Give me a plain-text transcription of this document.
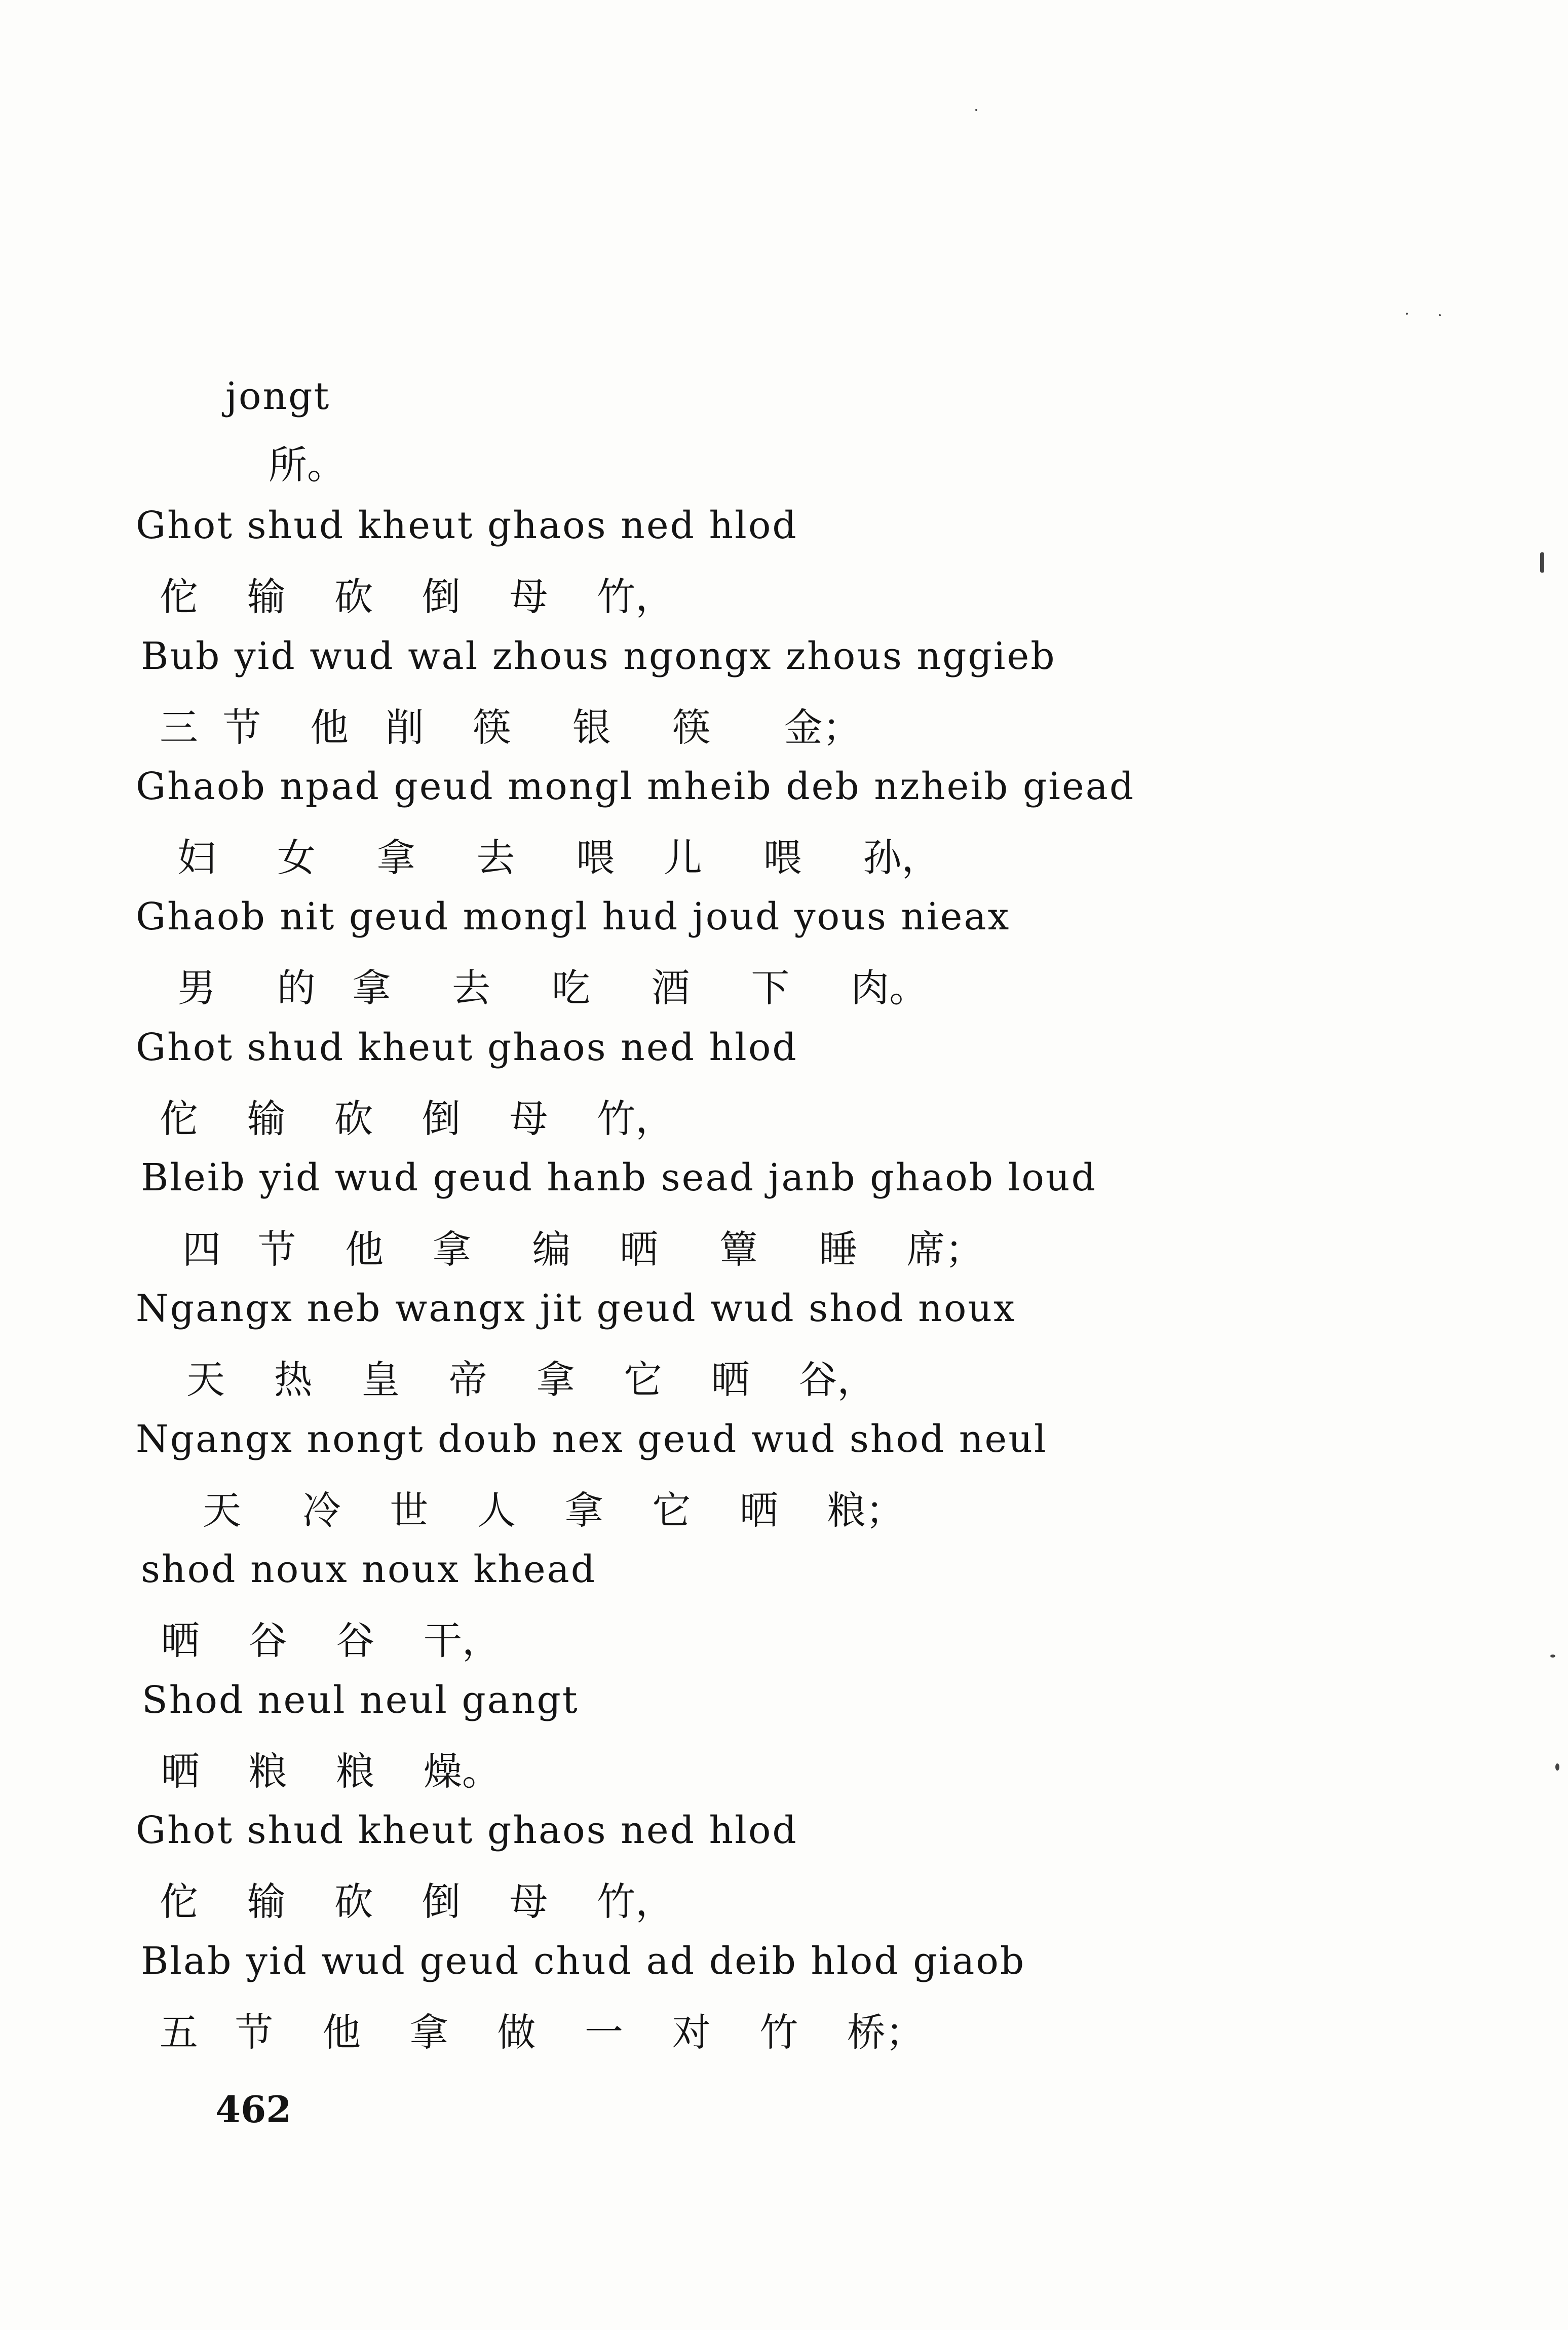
jongt
所。
Ghot shud kheut ghaos ned hlod
佗    输    砍    倒    母    竹，
Bub yid wud wal zhous ngongx zhous nggieb
三  节    他   削    筷     银     筷      金；
Ghaob npad geud mongl mheib deb nzheib giead
妇     女     拿     去     喂    儿     喂     孙，
Ghaob nit geud mongl hud joud yous nieax
男     的   拿     去     吃     酒     下     肉。
Ghot shud kheut ghaos ned hlod
佗    输    砍    倒    母    竹，
Bleib yid wud geud hanb sead janb ghaob loud
四   节    他    拿     编    晒     簟     睡    席；
Ngangx neb wangx jit geud wud shod noux
天    热    皇    帝    拿    它    晒    谷，
Ngangx nongt doub nex geud wud shod neul
天     冷    世    人    拿    它    晒    粮；
shod noux noux khead
晒    谷    谷    干，
Shod neul neul gangt
晒    粮    粮    燥。
Ghot shud kheut ghaos ned hlod
佗    输    砍    倒    母    竹，
Blab yid wud geud chud ad deib hlod giaob
五   节    他    拿    做    一    对    竹    桥；
462
